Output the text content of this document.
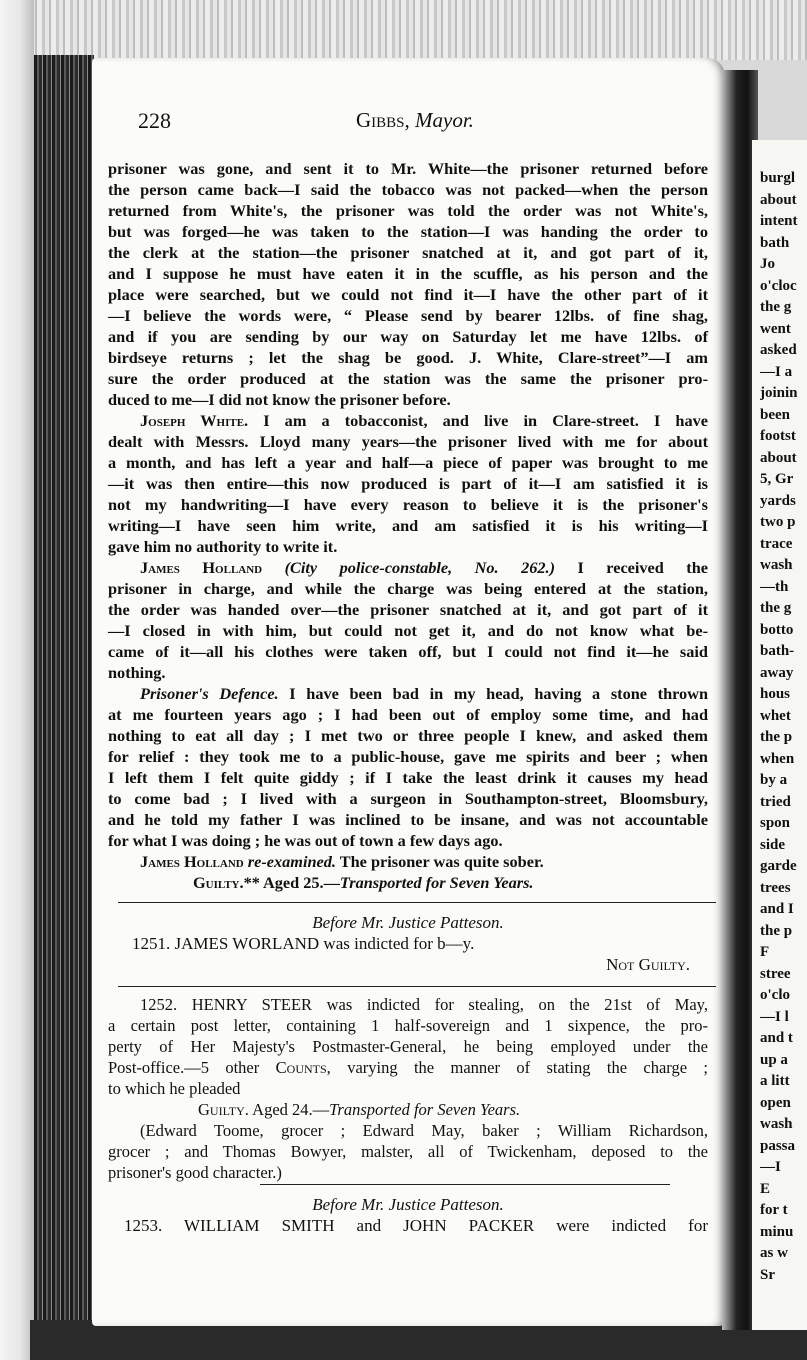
burgl
about
intent
bath
Jo
o'cloc
the g
went
asked
—I a
joinin
been
footst
about
5, Gr
yards
two p
trace
wash
—th
the g
botto
bath-
away
hous
whet
the p
when
by a
tried
spon
side
garde
trees
and I
the p
F
stree
o'clo
—I l
and t
up a
a litt
open
wash
passa
—I
E
for t
minu
as w
Sr
228	Gibbs, Mayor.
prisoner was gone, and sent it to Mr. White—the prisoner returned before
the person came back—I said the tobacco was not packed—when the person
returned from White's, the prisoner was told the order was not White's,
but was forged—he was taken to the station—I was handing the order to
the clerk at the station—the prisoner snatched at it, and got part of it,
and I suppose he must have eaten it in the scuffle, as his person and the
place were searched, but we could not find it—I have the other part of it
—I believe the words were, “ Please send by bearer 12lbs. of fine shag,
and if you are sending by our way on Saturday let me have 12lbs. of
birdseye returns ; let the shag be good. J. White, Clare-street”—I am
sure the order produced at the station was the same the prisoner pro-
duced to me—I did not know the prisoner before.
Joseph White. I am a tobacconist, and live in Clare-street. I have
dealt with Messrs. Lloyd many years—the prisoner lived with me for about
a month, and has left a year and half—a piece of paper was brought to me
—it was then entire—this now produced is part of it—I am satisfied it is
not my handwriting—I have every reason to believe it is the prisoner's
writing—I have seen him write, and am satisfied it is his writing—I
gave him no authority to write it.
James Holland (City police-constable, No. 262.) I received the
prisoner in charge, and while the charge was being entered at the station,
the order was handed over—the prisoner snatched at it, and got part of it
—I closed in with him, but could not get it, and do not know what be-
came of it—all his clothes were taken off, but I could not find it—he said
nothing.
Prisoner's Defence. I have been bad in my head, having a stone thrown
at me fourteen years ago ; I had been out of employ some time, and had
nothing to eat all day ; I met two or three people I knew, and asked them
for relief : they took me to a public-house, gave me spirits and beer ; when
I left them I felt quite giddy ; if I take the least drink it causes my head
to come bad ; I lived with a surgeon in Southampton-street, Bloomsbury,
and he told my father I was inclined to be insane, and was not accountable
for what I was doing ; he was out of town a few days ago.
James Holland re-examined. The prisoner was quite sober.
Guilty.** Aged 25.—Transported for Seven Years.
Before Mr. Justice Patteson.
1251. JAMES WORLAND was indicted for b—y.
Not Guilty.
1252. HENRY STEER was indicted for stealing, on the 21st of May,
a certain post letter, containing 1 half-sovereign and 1 sixpence, the pro-
perty of Her Majesty's Postmaster-General, he being employed under the
Post-office.—5 other Counts, varying the manner of stating the charge ;
to which he pleaded
Guilty. Aged 24.—Transported for Seven Years.
(Edward Toome, grocer ; Edward May, baker ; William Richardson,
grocer ; and Thomas Bowyer, malster, all of Twickenham, deposed to the
prisoner's good character.)
Before Mr. Justice Patteson.
1253. WILLIAM SMITH and JOHN PACKER were indicted for
